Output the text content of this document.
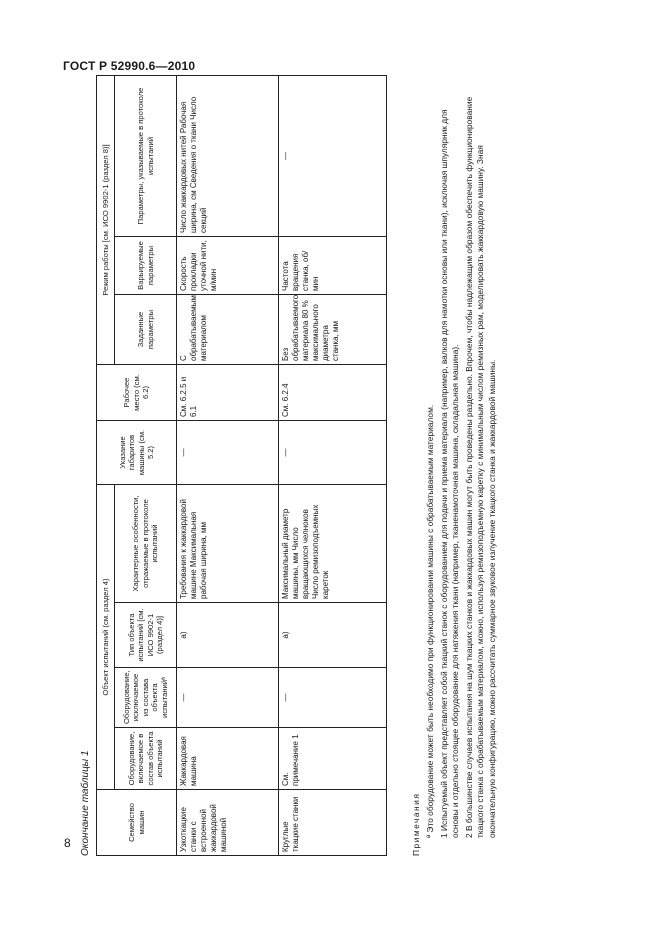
ГОСТ Р 52990.6—2010
Окончание таблицы 1	Семейство машин	Объект испытаний (см. раздел 4)				Указание габаритов машины (см. 5.2)	Рабочее место (см. 6.2)	Режим работы [см. ИСО 9902-1 (раздел 8)]		
	Оборудование, включаемое в состав объекта испытаний	Оборудование, исключаемое из состава объекта испытанийª	Тип объекта испытаний [см. ИСО 9902-1 (раздел 4)]	Характерные особенности, отражаемые в протоколе испытаний			Заданные параметры	Варьируемые параметры	Параметры, указываемые в протоколе испытаний
Узкоткацкие станки с встроенной жаккардовой машиной	Жаккардовая машина	—	а)	Требования к жаккардовой машине Максимальная рабочая ширина, мм	—	См. 6.2.5 и 6.1	С обрабатываемым материалом	Скорость прокладки уточной нити, м/мин	Число жаккардовых нитей Рабочая ширина, см Сведения о ткани Число секций
Круглые ткацкие станки	См. примечание 1	—	а)	Максимальный диаметр машины, мм Число вращающихся челноков Число ремизоподъемных кареток	—	См. 6.2.4	Без обрабатываемого материала 80 % максимального диаметра станка, мм	Частота вращения станка, об/мин	—
Примечания ª Это оборудование может быть необходимо при функционировании машины с обрабатываемым материалом. 1 Испытуемый объект представляет собой ткацкий станок с оборудованием для подачи и приема материала (например, валков для намотки основы или ткани), исключая шпулярник для основы и отдельно стоящее оборудование для натяжения ткани (например, тканенамоточная машина, складальная машина). 2 В большинстве случаев испытания на шум ткацких станков и жаккардовых машин могут быть проведены раздельно. Впрочем, чтобы надлежащим образом обеспечить функционирование ткацкого станка с обрабатываемым материалом, можно, используя ремизоподъемную каретку с минимальным числом ремизных рам, моделировать жаккардовую машину. Зная окончательную конфигурацию, можно рассчитать суммарное звуковое излучение ткацкого станка и жаккардовой машины.

8
